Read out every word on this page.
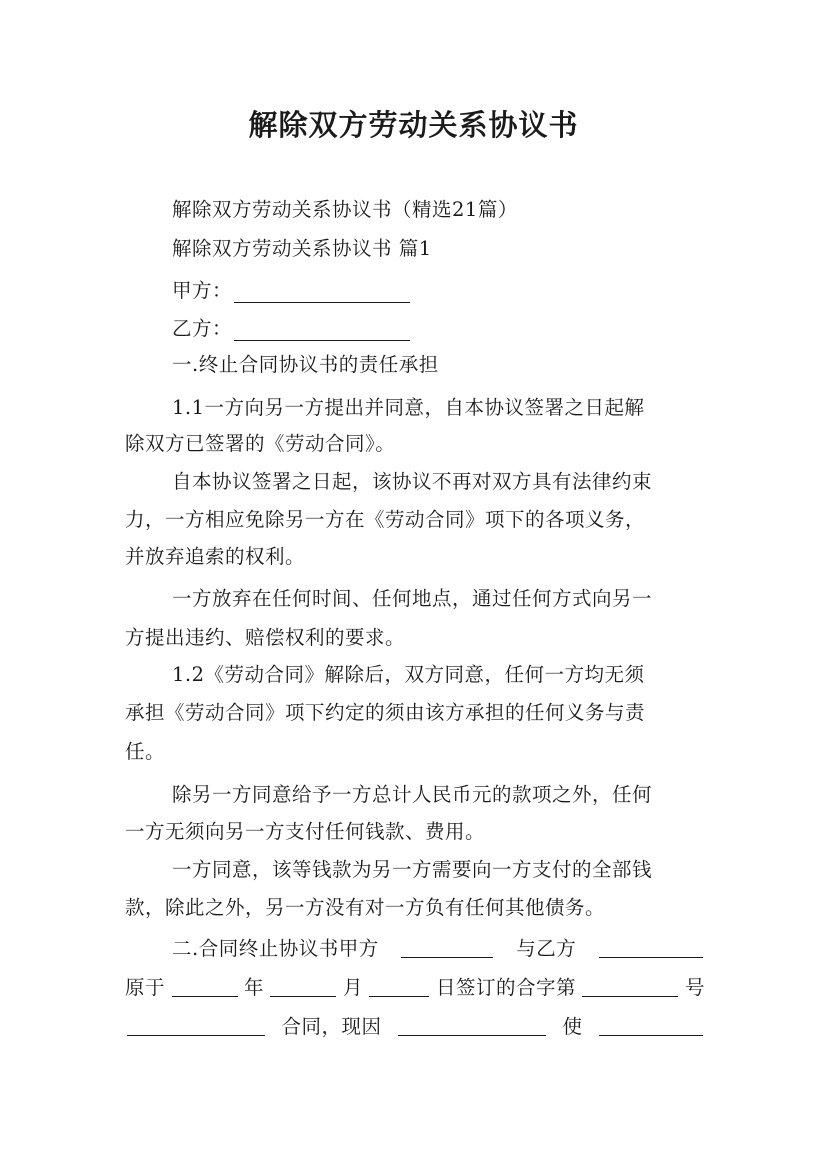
解除双方劳动关系协议书
解除双方劳动关系协议书（精选21篇）
解除双方劳动关系协议书 篇1
甲方：
乙方：
一.终止合同协议书的责任承担
1.1一方向另一方提出并同意，自本协议签署之日起解
除双方已签署的《劳动合同》。
自本协议签署之日起，该协议不再对双方具有法律约束
力，一方相应免除另一方在《劳动合同》项下的各项义务，
并放弃追索的权利。
一方放弃在任何时间、任何地点，通过任何方式向另一
方提出违约、赔偿权利的要求。
1.2《劳动合同》解除后，双方同意，任何一方均无须
承担《劳动合同》项下约定的须由该方承担的任何义务与责
任。
除另一方同意给予一方总计人民币元的款项之外，任何
一方无须向另一方支付任何钱款、费用。
一方同意，该等钱款为另一方需要向一方支付的全部钱
款，除此之外，另一方没有对一方负有任何其他债务。
二.合同终止协议书甲方	与乙方
原于	年	月	日签订的合字第	号
合同，现因	使
